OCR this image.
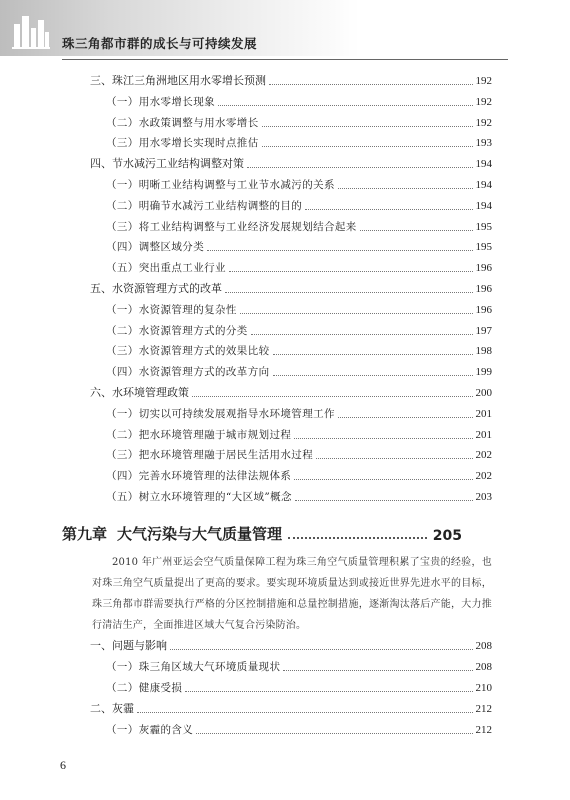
珠三角都市群的成长与可持续发展
三、珠江三角洲地区用水零增长预测	192
（一）用水零增长现象	192
（二）水政策调整与用水零增长	192
（三）用水零增长实现时点推估	193
四、节水减污工业结构调整对策	194
（一）明晰工业结构调整与工业节水减污的关系	194
（二）明确节水减污工业结构调整的目的	194
（三）将工业结构调整与工业经济发展规划结合起来	195
（四）调整区域分类	195
（五）突出重点工业行业	196
五、水资源管理方式的改革	196
（一）水资源管理的复杂性	196
（二）水资源管理方式的分类	197
（三）水资源管理方式的效果比较	198
（四）水资源管理方式的改革方向	199
六、水环境管理政策	200
（一）切实以可持续发展观指导水环境管理工作	201
（二）把水环境管理融于城市规划过程	201
（三）把水环境管理融于居民生活用水过程	202
（四）完善水环境管理的法律法规体系	202
（五）树立水环境管理的“大区域”概念	203
第九章 大气污染与大气质量管理	205
2010 年广州亚运会空气质量保障工程为珠三角空气质量管理积累了宝贵的经验，也对珠三角空气质量提出了更高的要求。要实现环境质量达到或接近世界先进水平的目标，珠三角都市群需要执行严格的分区控制措施和总量控制措施，逐渐淘汰落后产能，大力推行清洁生产，全面推进区域大气复合污染防治。
一、问题与影响	208
（一）珠三角区域大气环境质量现状	208
（二）健康受损	210
二、灰霾	212
（一）灰霾的含义	212
6
